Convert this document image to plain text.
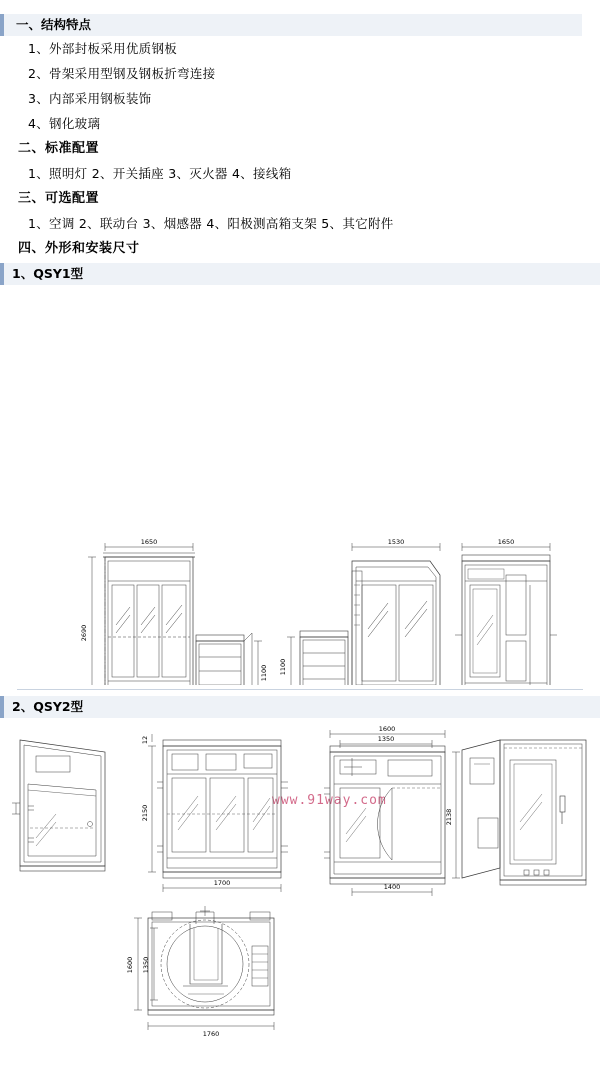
一、结构特点
1、外部封板采用优质钢板
2、骨架采用型钢及钢板折弯连接
3、内部采用钢板装饰
4、钢化玻璃
二、标准配置
1、照明灯 2、开关插座 3、灭火器 4、接线箱
三、可选配置
1、空调 2、联动台 3、烟感器 4、阳极测高箱支架 5、其它附件
四、外形和安装尺寸
1、QSY1型
1650
2690
1100
1530
1100
1650
www.91way.com
2、QSY2型
2150
12
1700
1600
1350
2138
1400
1600 1350
1760
